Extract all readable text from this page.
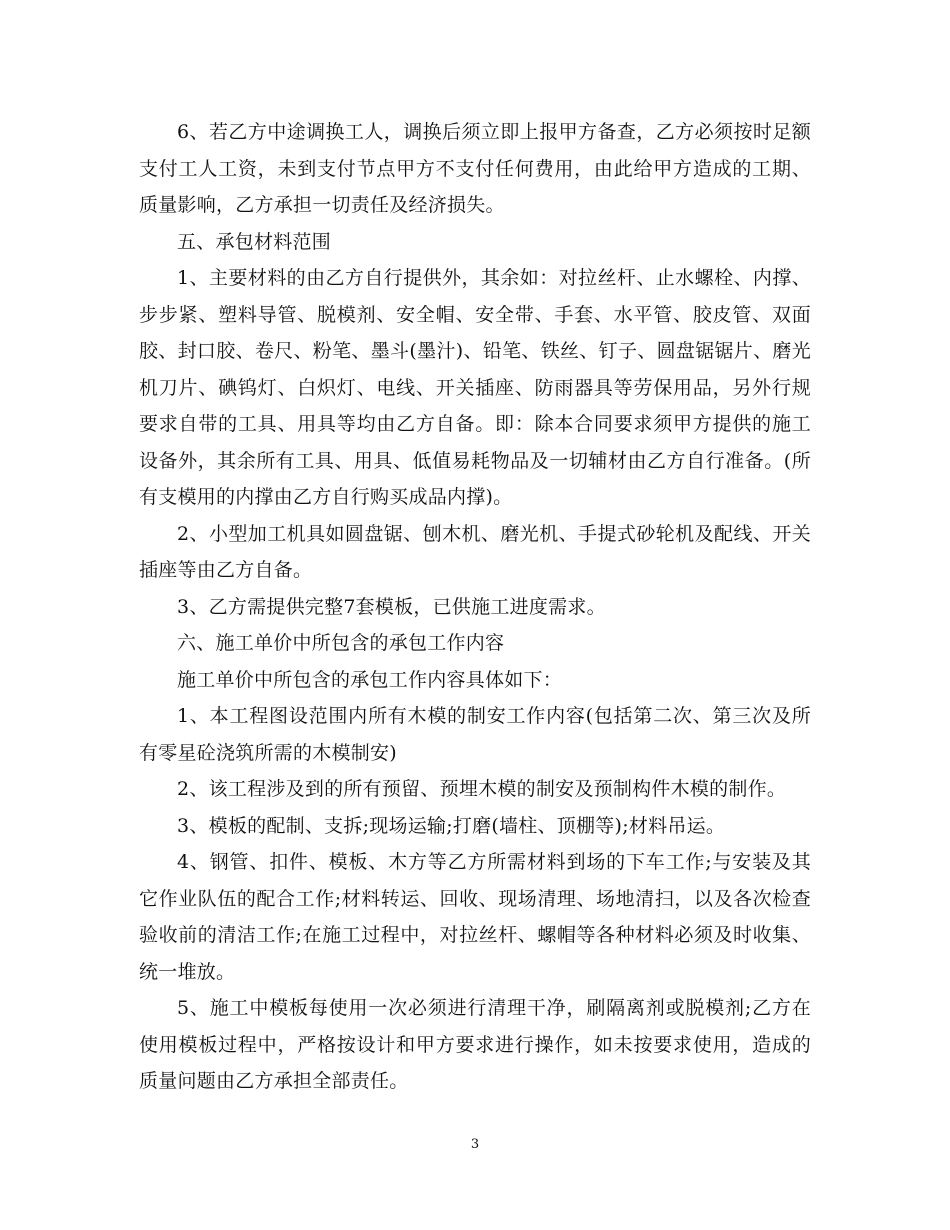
6、若乙方中途调换工人，调换后须立即上报甲方备查，乙方必须按时足额支付工人工资，未到支付节点甲方不支付任何费用，由此给甲方造成的工期、质量影响，乙方承担一切责任及经济损失。

五、承包材料范围

1、主要材料的由乙方自行提供外，其余如：对拉丝杆、止水螺栓、内撑、步步紧、塑料导管、脱模剂、安全帽、安全带、手套、水平管、胶皮管、双面胶、封口胶、卷尺、粉笔、墨斗(墨汁)、铅笔、铁丝、钉子、圆盘锯锯片、磨光机刀片、碘钨灯、白炽灯、电线、开关插座、防雨器具等劳保用品，另外行规要求自带的工具、用具等均由乙方自备。即：除本合同要求须甲方提供的施工设备外，其余所有工具、用具、低值易耗物品及一切辅材由乙方自行准备。(所有支模用的内撑由乙方自行购买成品内撑)。

2、小型加工机具如圆盘锯、刨木机、磨光机、手提式砂轮机及配线、开关插座等由乙方自备。

3、乙方需提供完整7套模板，已供施工进度需求。

六、施工单价中所包含的承包工作内容

施工单价中所包含的承包工作内容具体如下：

1、本工程图设范围内所有木模的制安工作内容(包括第二次、第三次及所有零星砼浇筑所需的木模制安)

2、该工程涉及到的所有预留、预埋木模的制安及预制构件木模的制作。

3、模板的配制、支拆;现场运输;打磨(墙柱、顶棚等);材料吊运。

4、钢管、扣件、模板、木方等乙方所需材料到场的下车工作;与安装及其它作业队伍的配合工作;材料转运、回收、现场清理、场地清扫，以及各次检查验收前的清洁工作;在施工过程中，对拉丝杆、螺帽等各种材料必须及时收集、统一堆放。

5、施工中模板每使用一次必须进行清理干净，刷隔离剂或脱模剂;乙方在使用模板过程中，严格按设计和甲方要求进行操作，如未按要求使用，造成的质量问题由乙方承担全部责任。

3
